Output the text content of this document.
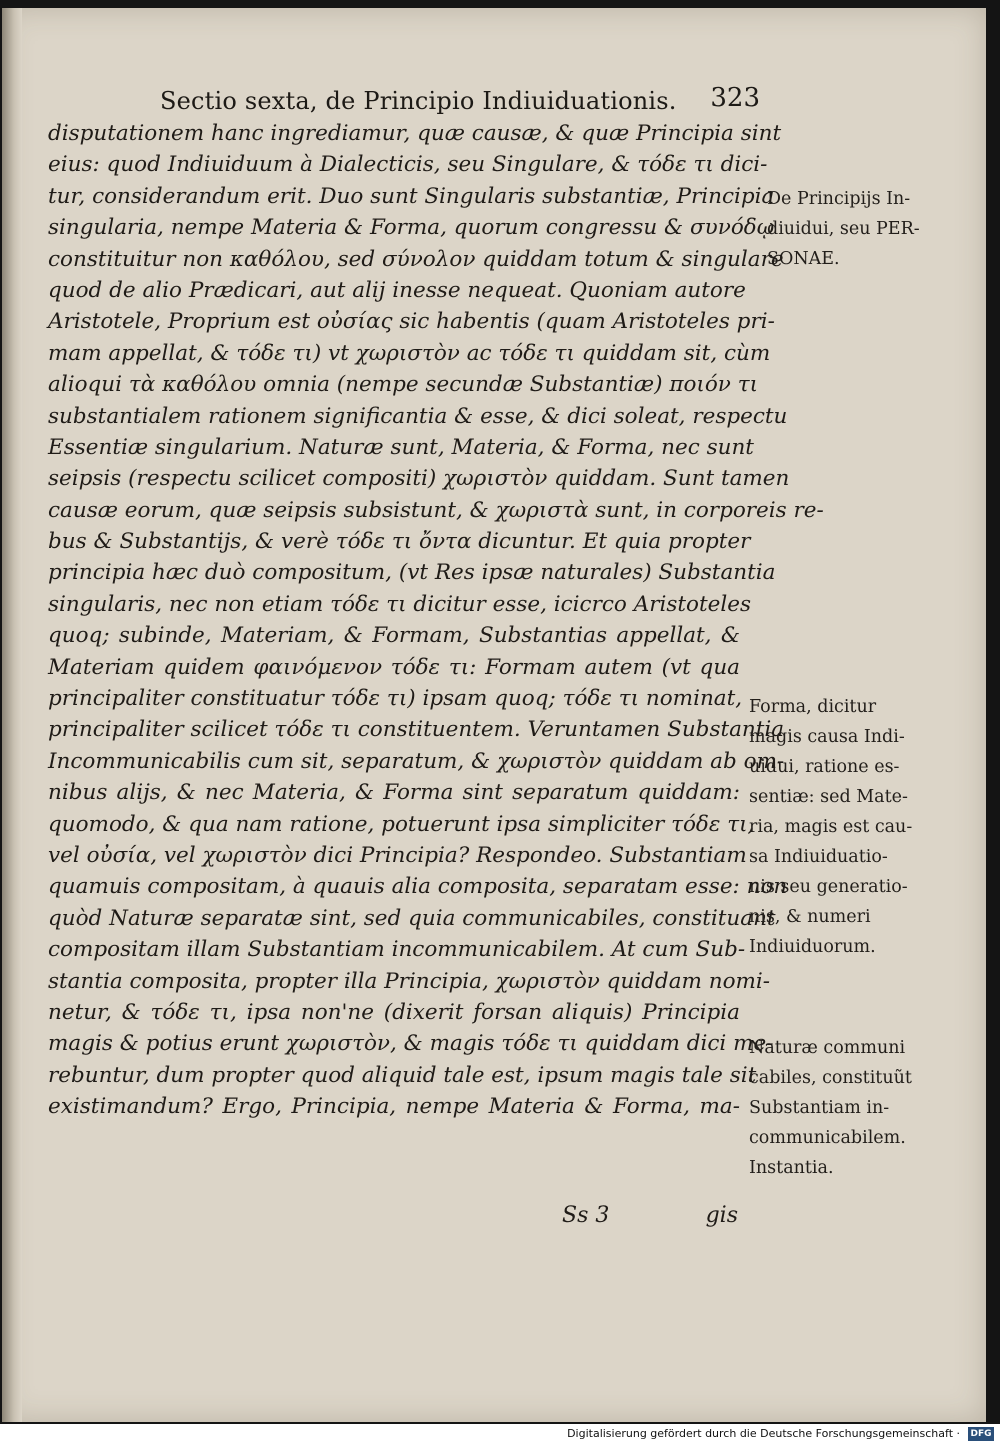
Sectio sexta, de Principio Indiuiduationis. 323
disputationem hanc ingrediamur, quæ causæ, & quæ Principia sint
eius: quod Indiuiduum à Dialecticis, seu Singulare, & τόδε τι dici-
tur, considerandum erit. Duo sunt Singularis substantiæ, Principia
singularia, nempe Materia & Forma, quorum congressu & συνόδῳ
constituitur non καθόλου, sed σύνολον quiddam totum & singulare
quod de alio Prædicari, aut alij inesse nequeat. Quoniam autore
Aristotele, Proprium est οὐσίας sic habentis (quam Aristoteles pri-
mam appellat, & τόδε τι) vt χωριστὸν ac τόδε τι quiddam sit, cùm
alioqui τὰ καθόλου omnia (nempe secundæ Substantiæ) ποιόν τι
substantialem rationem significantia & esse, & dici soleat, respectu
Essentiæ singularium. Naturæ sunt, Materia, & Forma, nec sunt
seipsis (respectu scilicet compositi) χωριστὸν quiddam. Sunt tamen
causæ eorum, quæ seipsis subsistunt, & χωριστὰ sunt, in corporeis re-
bus & Substantijs, & verè τόδε τι ὄντα dicuntur. Et quia propter
principia hæc duò compositum, (vt Res ipsæ naturales) Substantia
singularis, nec non etiam τόδε τι dicitur esse, icicrco Aristoteles
quoq; subinde, Materiam, & Formam, Substantias appellat, &
Materiam quidem φαινόμενον τόδε τι: Formam autem (vt qua
principaliter constituatur τόδε τι) ipsam quoq; τόδε τι nominat,
principaliter scilicet τόδε τι constituentem. Veruntamen Substantia
Incommunicabilis cum sit, separatum, & χωριστὸν quiddam ab om-
nibus alijs, & nec Materia, & Forma sint separatum quiddam:
quomodo, & qua nam ratione, potuerunt ipsa simpliciter τόδε τι,
vel οὐσία, vel χωριστὸν dici Principia? Respondeo. Substantiam
quamuis compositam, à quauis alia composita, separatam esse: non
quòd Naturæ separatæ sint, sed quia communicabiles, constituant
compositam illam Substantiam incommunicabilem. At cum Sub-
stantia composita, propter illa Principia, χωριστὸν quiddam nomi-
netur, & τόδε τι, ipsa non'ne (dixerit forsan aliquis) Principia
magis & potius erunt χωριστὸν, & magis τόδε τι quiddam dici me-
rebuntur, dum propter quod aliquid tale est, ipsum magis tale sit
existimandum? Ergo, Principia, nempe Materia & Forma, ma-
Ss 3	gis
De Principijs In-
diuidui, seu PER-
SONAE.
Forma, dicitur
magis causa Indi-
uidui, ratione es-
sentiæ: sed Mate-
ria, magis est cau-
sa Indiuiduatio-
nis seu generatio-
nis, & numeri
Indiuiduorum.
Naturæ communi
cabiles, constituũt
Substantiam in-
communicabilem.
Instantia.
Digitalisierung gefördert durch die Deutsche Forschungsgemeinschaft · DFG
